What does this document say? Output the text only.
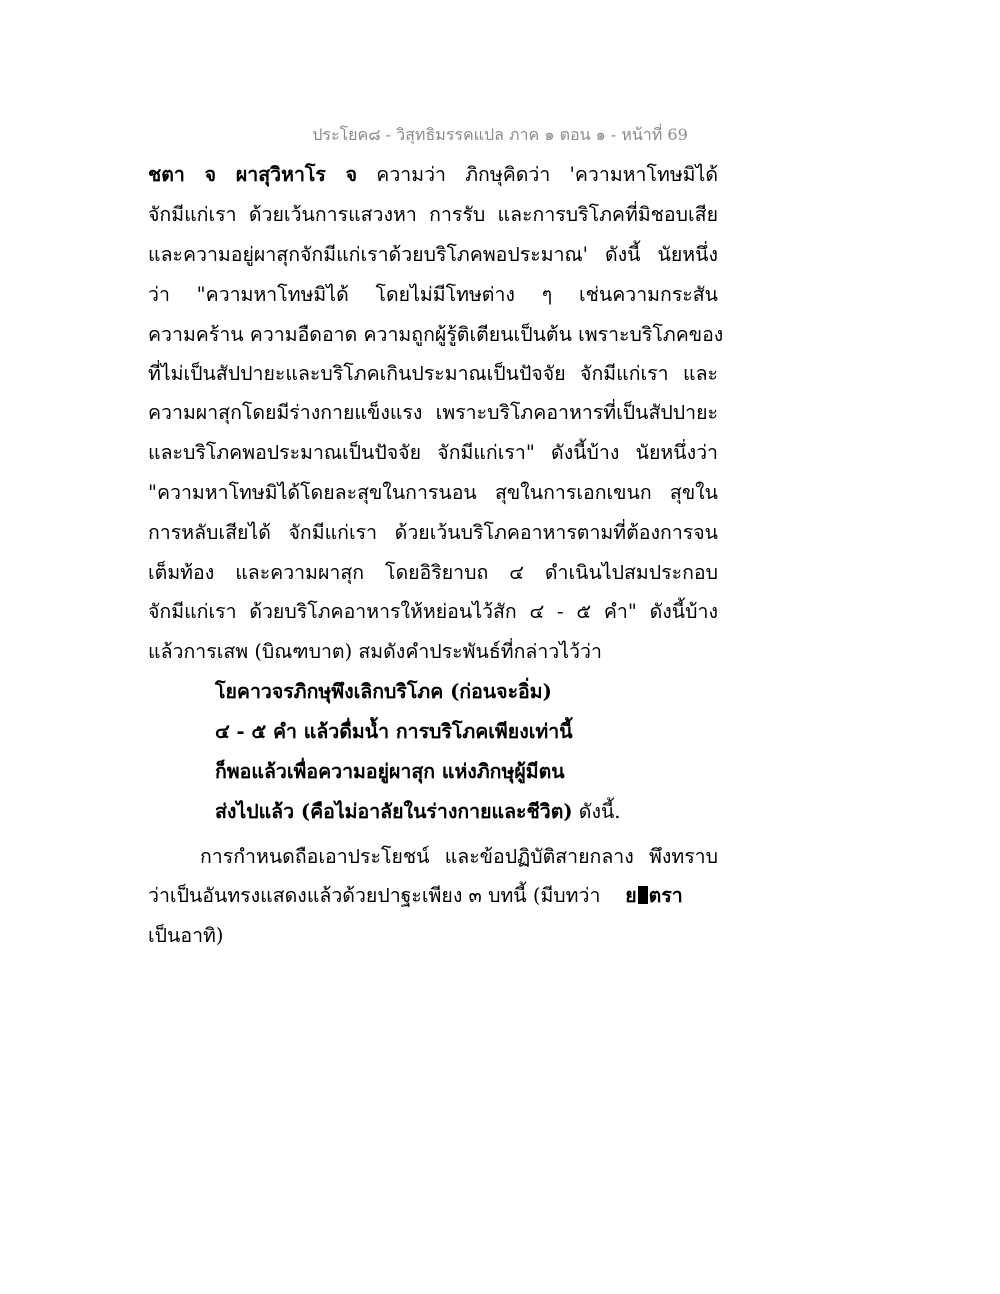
ประโยค๘ - วิสุทธิมรรคแปล ภาค ๑ ตอน ๑ - หน้าที่ 69
ชตา จ ผาสุวิหาโร จ ความว่า ภิกษุคิดว่า 'ความหาโทษมิได้
จักมีแก่เรา ด้วยเว้นการแสวงหา การรับ และการบริโภคที่มิชอบเสีย
และความอยู่ผาสุกจักมีแก่เราด้วยบริโภคพอประมาณ' ดังนี้ นัยหนึ่ง
ว่า "ความหาโทษมิได้ โดยไม่มีโทษต่าง ๆ เช่นความกระสัน
ความคร้าน ความอืดอาด ความถูกผู้รู้ติเตียนเป็นต้น เพราะบริโภคของ
ที่ไม่เป็นสัปปายะและบริโภคเกินประมาณเป็นปัจจัย จักมีแก่เรา และ
ความผาสุกโดยมีร่างกายแข็งแรง เพราะบริโภคอาหารที่เป็นสัปปายะ
และบริโภคพอประมาณเป็นปัจจัย จักมีแก่เรา" ดังนี้บ้าง นัยหนึ่งว่า
"ความหาโทษมิได้โดยละสุขในการนอน สุขในการเอกเขนก สุขใน
การหลับเสียได้ จักมีแก่เรา ด้วยเว้นบริโภคอาหารตามที่ต้องการจน
เต็มท้อง และความผาสุก โดยอิริยาบถ ๔ ดำเนินไปสมประกอบ
จักมีแก่เรา ด้วยบริโภคอาหารให้หย่อนไว้สัก ๔ - ๕ คำ" ดังนี้บ้าง
แล้วการเสพ (บิณฑบาต) สมดังคำประพันธ์ที่กล่าวไว้ว่า
โยคาวจรภิกษุพึงเลิกบริโภค (ก่อนจะอิ่ม)
๔ - ๕ คำ แล้วดื่มน้ำ การบริโภคเพียงเท่านี้
ก็พอแล้วเพื่อความอยู่ผาสุก แห่งภิกษุผู้มีตน
ส่งไปแล้ว (คือไม่อาลัยในร่างกายและชีวิต) ดังนี้.
การกำหนดถือเอาประโยชน์ และข้อปฏิบัติสายกลาง พึงทราบ
ว่าเป็นอันทรงแสดงแล้วด้วยปาฐะเพียง ๓ บทนี้ (มีบทว่า ย ตรา
เป็นอาทิ)
